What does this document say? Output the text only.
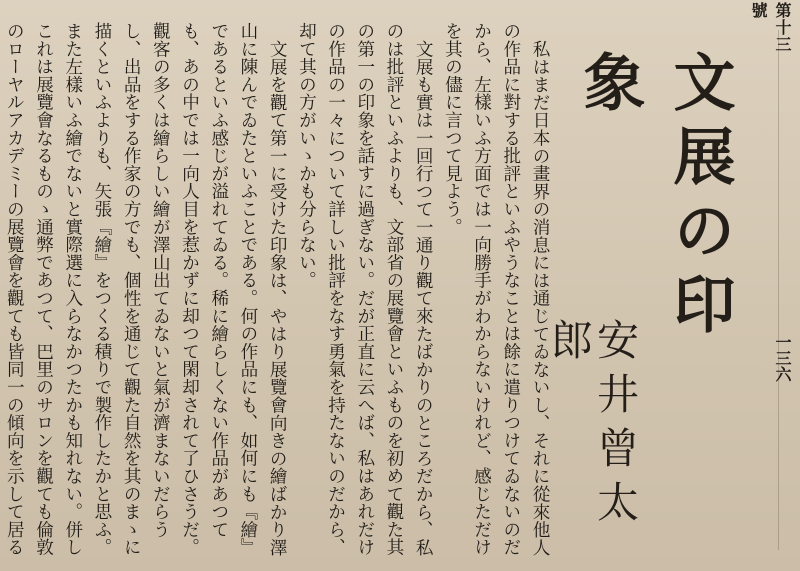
第十三號
一三六
文展の印象
安井曾太郎

私はまだ日本の畫界の消息には通じてゐないし、それに從來他人の作品に對する批評といふやうなことは餘に遣りつけてゐないのだから、左樣いふ方面では一向勝手がわからないけれど、感じただけを其の儘に言つて見よう。

文展も實は一回行つて一通り觀て來たばかりのところだから、私のは批評といふよりも、文部省の展覽會といふものを初めて觀た其の第一の印象を話すに過ぎない。だが正直に云へば、私はあれだけの作品の一々について詳しい批評をなす勇氣を持たないのだから、却て其の方がいゝかも分らない。

文展を觀て第一に受けた印象は、やはり展覽會向きの繪ばかり澤山に陳んでゐたといふことである。何の作品にも、如何にも『繪』であるといふ感じが溢れてゐる。稀に繪らしくない作品があつても、あの中では一向人目を惹かずに却つて閑却されて了ひさうだ。觀客の多くは繪らしい繪が澤山出てゐないと氣が濟まないだらうし、出品をする作家の方でも、個性を通じて觀た自然を其のまゝに描くといふよりも、矢張『繪』をつくる積りで製作したかと思ふ。また左樣いふ繪でないと實際選に入らなかつたかも知れない。併しこれは展覽會なるものゝ通弊であつて、巴里のサロンを觀ても倫敦のローヤルアカデミーの展覽會を觀ても皆同一の傾向を示して居る
